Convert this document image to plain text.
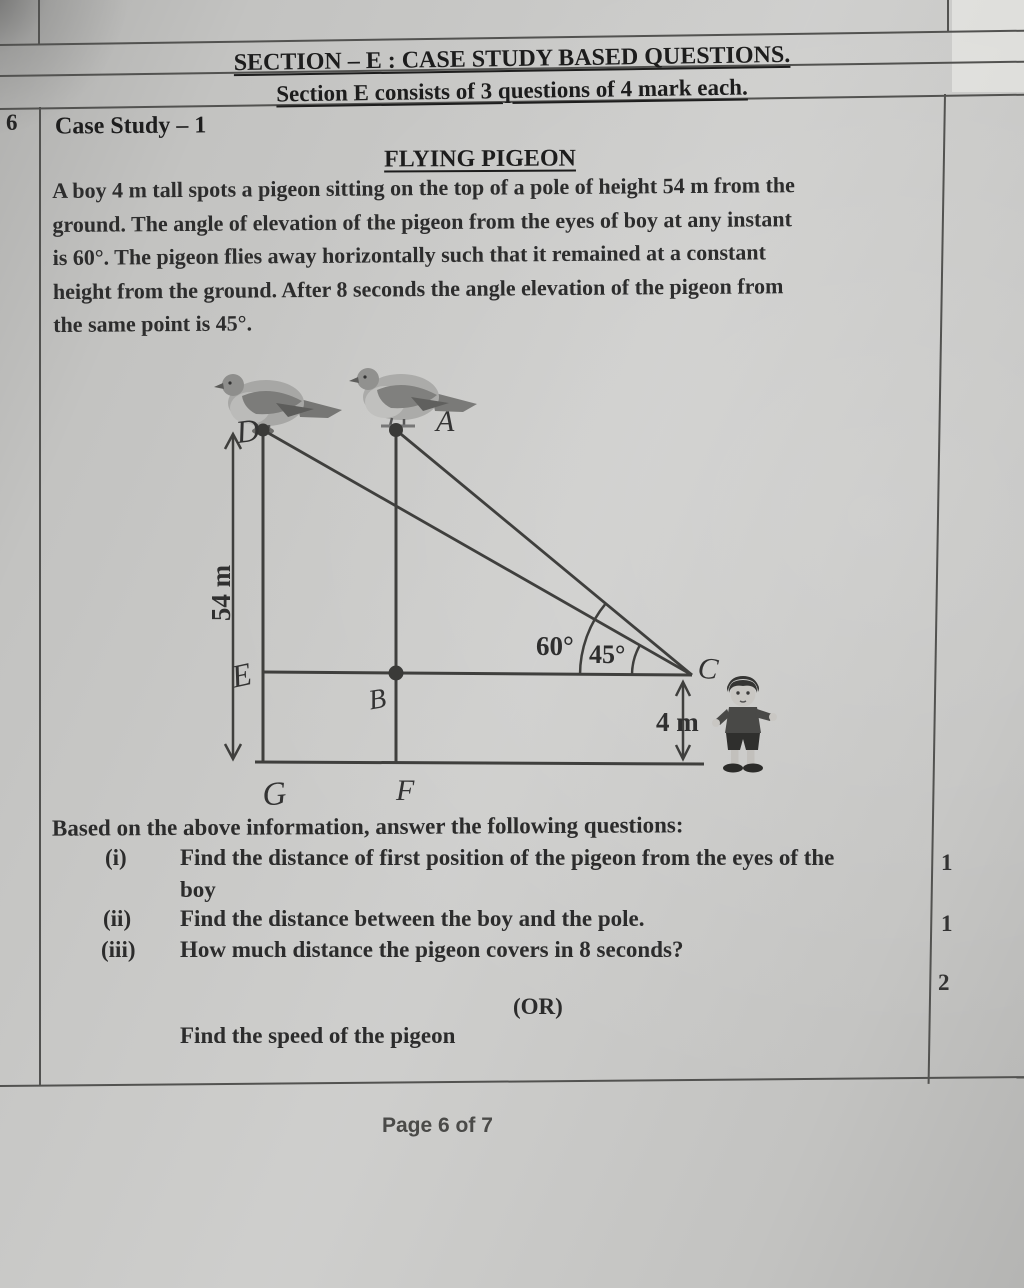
SECTION – E : CASE STUDY BASED QUESTIONS.
Section E consists of 3 questions of 4 mark each.
6 Case Study – 1
FLYING PIGEON
A boy 4 m tall spots a pigeon sitting on the top of a pole of height 54 m from the
ground. The angle of elevation of the pigeon from the eyes of boy at any instant
is 60°. The pigeon flies away horizontally such that it remained at a constant
height from the ground. After 8 seconds the angle elevation of the pigeon from
the same point is 45°.
54 m
4 m
60° 45°
D	A
E
B
C
G	F
Based on the above information, answer the following questions:
(i) Find the distance of first position of the pigeon from the eyes of the
boy
(ii) Find the distance between the boy and the pole.
(iii) How much distance the pigeon covers in 8 seconds?
(OR)
Find the speed of the pigeon
1
1
2
Page 6 of 7
